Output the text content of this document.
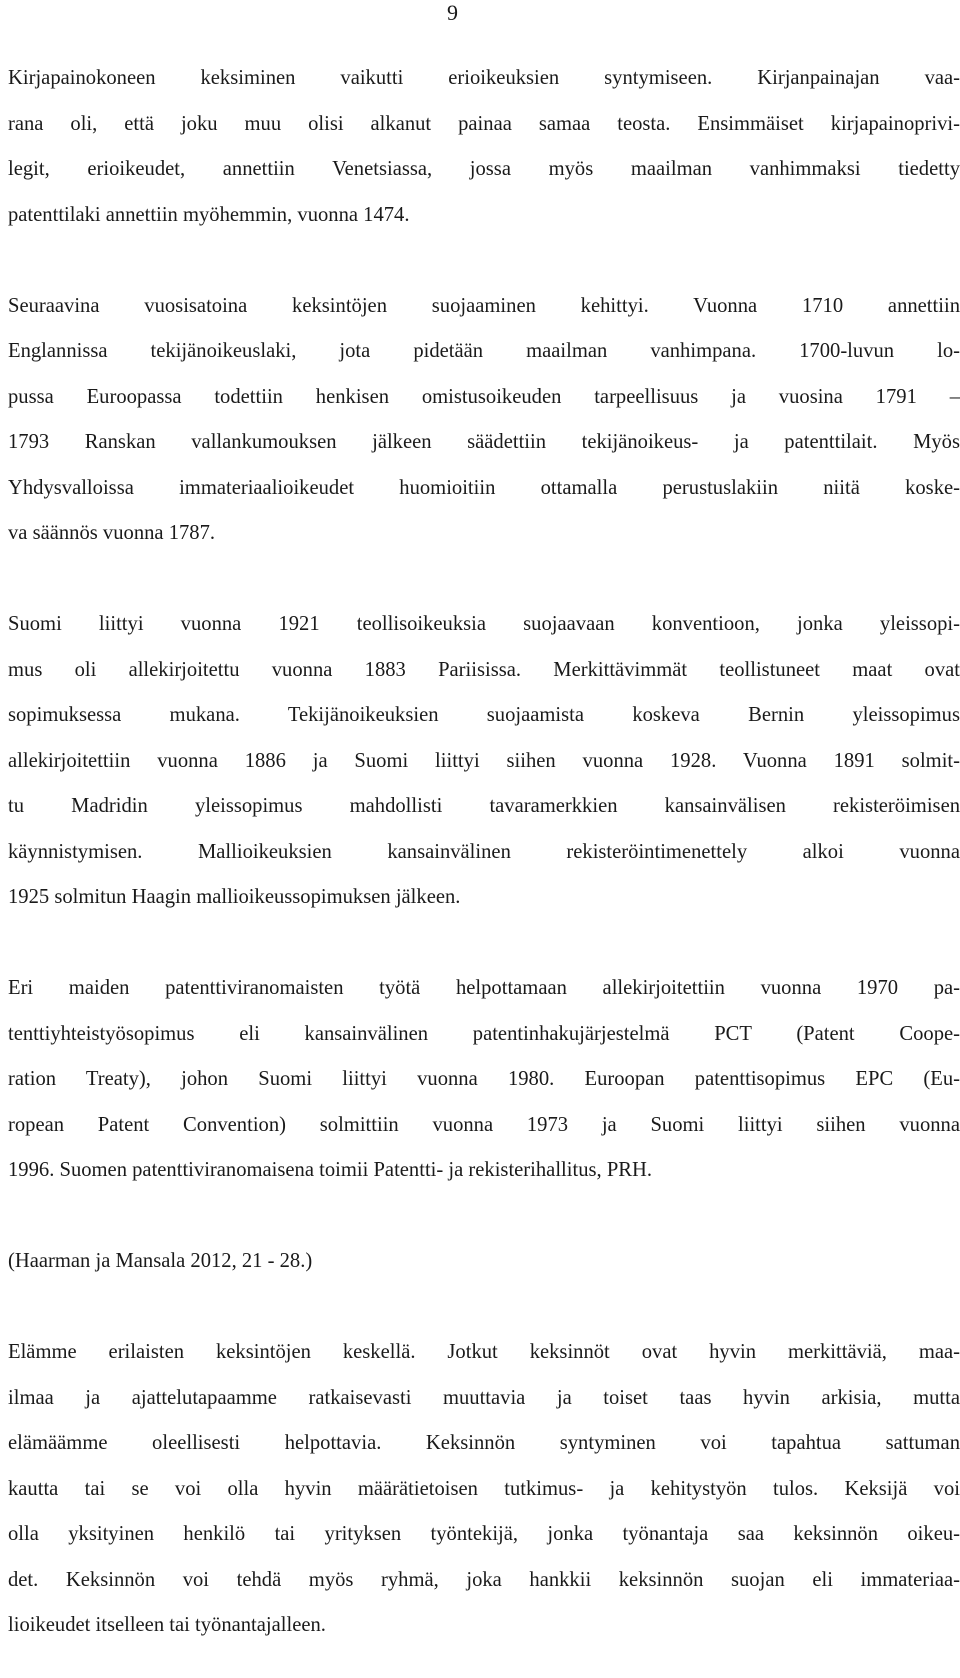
9
Kirjapainokoneen keksiminen vaikutti erioikeuksien syntymiseen. Kirjanpainajan vaa-
rana oli, että joku muu olisi alkanut painaa samaa teosta. Ensimmäiset kirjapainoprivi-
legit, erioikeudet, annettiin Venetsiassa, jossa myös maailman vanhimmaksi tiedetty
patenttilaki annettiin myöhemmin, vuonna 1474.
Seuraavina vuosisatoina keksintöjen suojaaminen kehittyi. Vuonna 1710 annettiin
Englannissa tekijänoikeuslaki, jota pidetään maailman vanhimpana. 1700-luvun lo-
pussa Euroopassa todettiin henkisen omistusoikeuden tarpeellisuus ja vuosina 1791 –
1793 Ranskan vallankumouksen jälkeen säädettiin tekijänoikeus- ja patenttilait. Myös
Yhdysvalloissa immateriaalioikeudet huomioitiin ottamalla perustuslakiin niitä koske-
va säännös vuonna 1787.
Suomi liittyi vuonna 1921 teollisoikeuksia suojaavaan konventioon, jonka yleissopi-
mus oli allekirjoitettu vuonna 1883 Pariisissa. Merkittävimmät teollistuneet maat ovat
sopimuksessa mukana. Tekijänoikeuksien suojaamista koskeva Bernin yleissopimus
allekirjoitettiin vuonna 1886 ja Suomi liittyi siihen vuonna 1928. Vuonna 1891 solmit-
tu Madridin yleissopimus mahdollisti tavaramerkkien kansainvälisen rekisteröimisen
käynnistymisen. Mallioikeuksien kansainvälinen rekisteröintimenettely alkoi vuonna
1925 solmitun Haagin mallioikeussopimuksen jälkeen.
Eri maiden patenttiviranomaisten työtä helpottamaan allekirjoitettiin vuonna 1970 pa-
tenttiyhteistyösopimus eli kansainvälinen patentinhakujärjestelmä PCT (Patent Coope-
ration Treaty), johon Suomi liittyi vuonna 1980. Euroopan patenttisopimus EPC (Eu-
ropean Patent Convention) solmittiin vuonna 1973 ja Suomi liittyi siihen vuonna
1996. Suomen patenttiviranomaisena toimii Patentti- ja rekisterihallitus, PRH.
(Haarman ja Mansala 2012, 21 - 28.)
Elämme erilaisten keksintöjen keskellä. Jotkut keksinnöt ovat hyvin merkittäviä, maa-
ilmaa ja ajattelutapaamme ratkaisevasti muuttavia ja toiset taas hyvin arkisia, mutta
elämäämme oleellisesti helpottavia. Keksinnön syntyminen voi tapahtua sattuman
kautta tai se voi olla hyvin määrätietoisen tutkimus- ja kehitystyön tulos. Keksijä voi
olla yksityinen henkilö tai yrityksen työntekijä, jonka työnantaja saa keksinnön oikeu-
det. Keksinnön voi tehdä myös ryhmä, joka hankkii keksinnön suojan eli immateriaa-
lioikeudet itselleen tai työnantajalleen.
